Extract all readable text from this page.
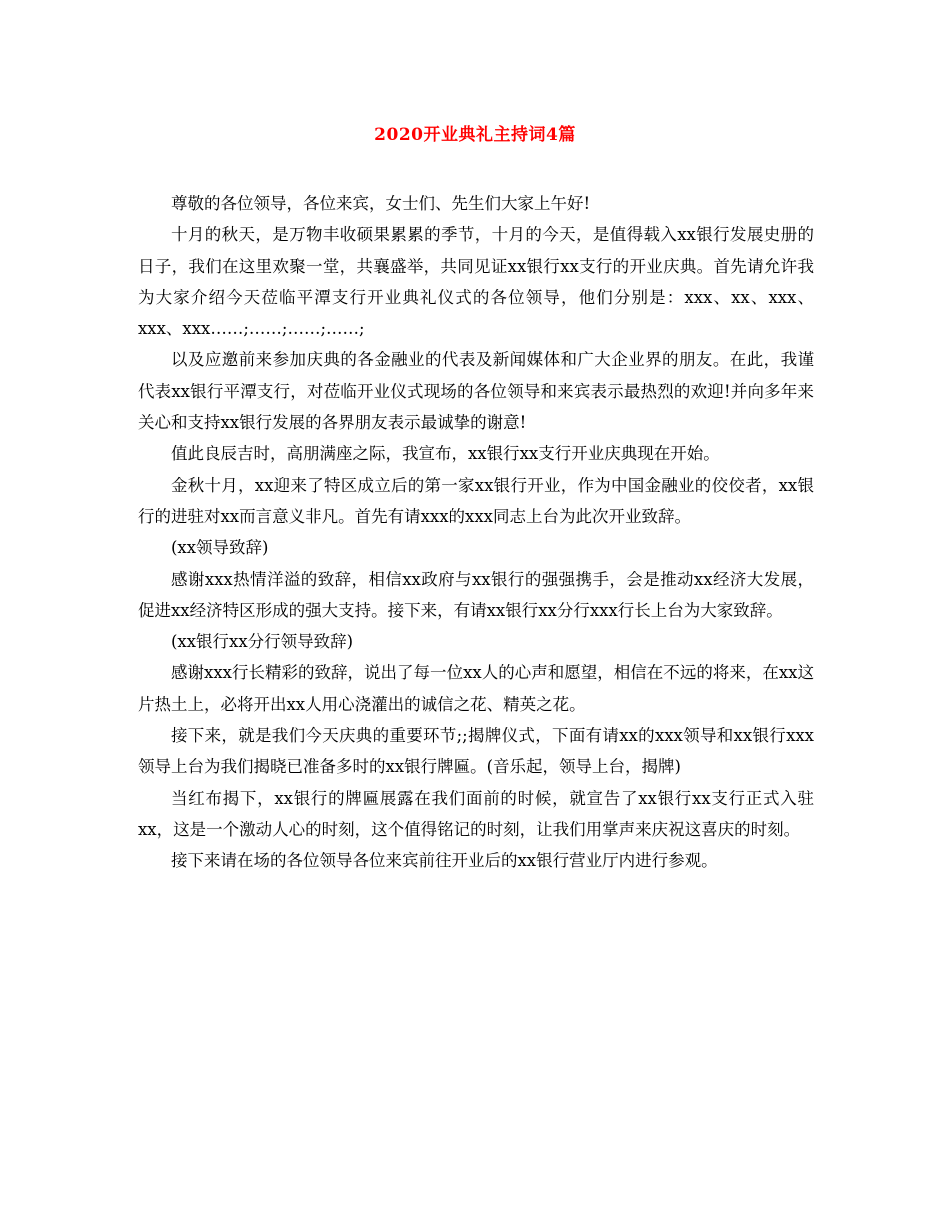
2020开业典礼主持词4篇

尊敬的各位领导，各位来宾，女士们、先生们大家上午好!

十月的秋天，是万物丰收硕果累累的季节，十月的今天，是值得载入xx银行发展史册的日子，我们在这里欢聚一堂，共襄盛举，共同见证xx银行xx支行的开业庆典。首先请允许我为大家介绍今天莅临平潭支行开业典礼仪式的各位领导，他们分别是：xxx、xx、xxx、xxx、xxx……;……;……;……;

以及应邀前来参加庆典的各金融业的代表及新闻媒体和广大企业界的朋友。在此，我谨代表xx银行平潭支行，对莅临开业仪式现场的各位领导和来宾表示最热烈的欢迎!并向多年来关心和支持xx银行发展的各界朋友表示最诚挚的谢意!

值此良辰吉时，高朋满座之际，我宣布，xx银行xx支行开业庆典现在开始。

金秋十月，xx迎来了特区成立后的第一家xx银行开业，作为中国金融业的佼佼者，xx银行的进驻对xx而言意义非凡。首先有请xxx的xxx同志上台为此次开业致辞。

(xx领导致辞)

感谢xxx热情洋溢的致辞，相信xx政府与xx银行的强强携手，会是推动xx经济大发展，促进xx经济特区形成的强大支持。接下来，有请xx银行xx分行xxx行长上台为大家致辞。

(xx银行xx分行领导致辞)

感谢xxx行长精彩的致辞，说出了每一位xx人的心声和愿望，相信在不远的将来，在xx这片热土上，必将开出xx人用心浇灌出的诚信之花、精英之花。

接下来，就是我们今天庆典的重要环节;;揭牌仪式，下面有请xx的xxx领导和xx银行xxx领导上台为我们揭晓已准备多时的xx银行牌匾。(音乐起，领导上台，揭牌)

当红布揭下，xx银行的牌匾展露在我们面前的时候，就宣告了xx银行xx支行正式入驻xx，这是一个激动人心的时刻，这个值得铭记的时刻，让我们用掌声来庆祝这喜庆的时刻。

接下来请在场的各位领导各位来宾前往开业后的xx银行营业厅内进行参观。
